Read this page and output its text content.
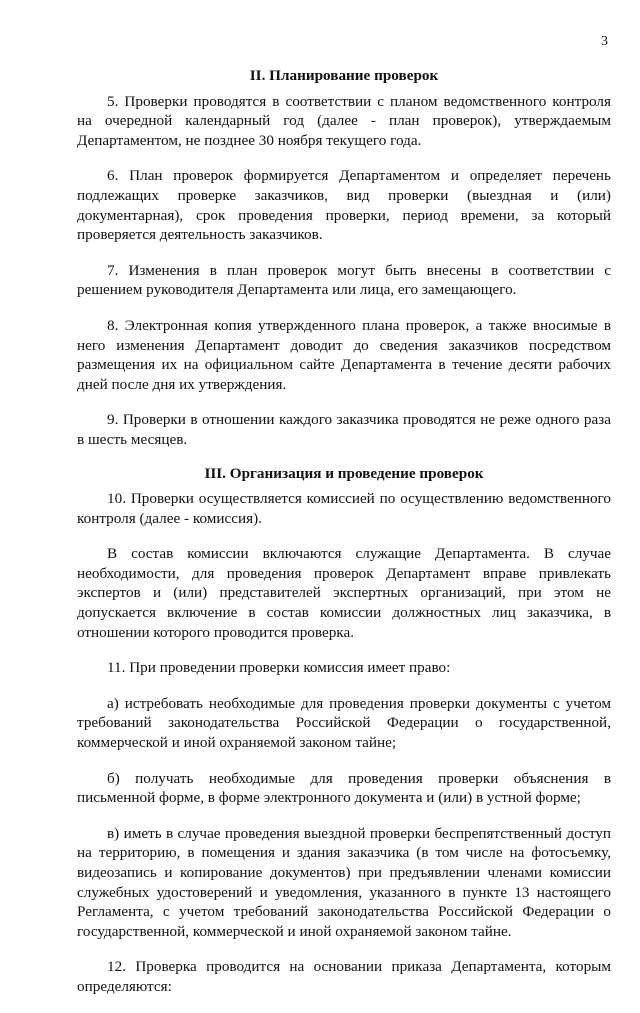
3
II. Планирование проверок

5. Проверки проводятся в соответствии с планом ведомственного контроля на очередной календарный год (далее - план проверок), утверждаемым Департаментом, не позднее 30 ноября текущего года.

6. План проверок формируется Департаментом и определяет перечень подлежащих проверке заказчиков, вид проверки (выездная и (или) документарная), срок проведения проверки, период времени, за который проверяется деятельность заказчиков.

7. Изменения в план проверок могут быть внесены в соответствии с решением руководителя Департамента или лица, его замещающего.

8. Электронная копия утвержденного плана проверок, а также вносимые в него изменения Департамент доводит до сведения заказчиков посредством размещения их на официальном сайте Департамента в течение десяти рабочих дней после дня их утверждения.

9. Проверки в отношении каждого заказчика проводятся не реже одного раза в шесть месяцев.

III. Организация и проведение проверок

10. Проверки осуществляется комиссией по осуществлению ведомственного контроля (далее - комиссия).

В состав комиссии включаются служащие Департамента. В случае необходимости, для проведения проверок Департамент вправе привлекать экспертов и (или) представителей экспертных организаций, при этом не допускается включение в состав комиссии должностных лиц заказчика, в отношении которого проводится проверка.

11. При проведении проверки комиссия имеет право:

а) истребовать необходимые для проведения проверки документы с учетом требований законодательства Российской Федерации о государственной, коммерческой и иной охраняемой законом тайне;

б) получать необходимые для проведения проверки объяснения в письменной форме, в форме электронного документа и (или) в устной форме;

в) иметь в случае проведения выездной проверки беспрепятственный доступ на территорию, в помещения и здания заказчика (в том числе на фотосъемку, видеозапись и копирование документов) при предъявлении членами комиссии служебных удостоверений и уведомления, указанного в пункте 13 настоящего Регламента, с учетом требований законодательства Российской Федерации о государственной, коммерческой и иной охраняемой законом тайне.

12. Проверка проводится на основании приказа Департамента, которым определяются:
